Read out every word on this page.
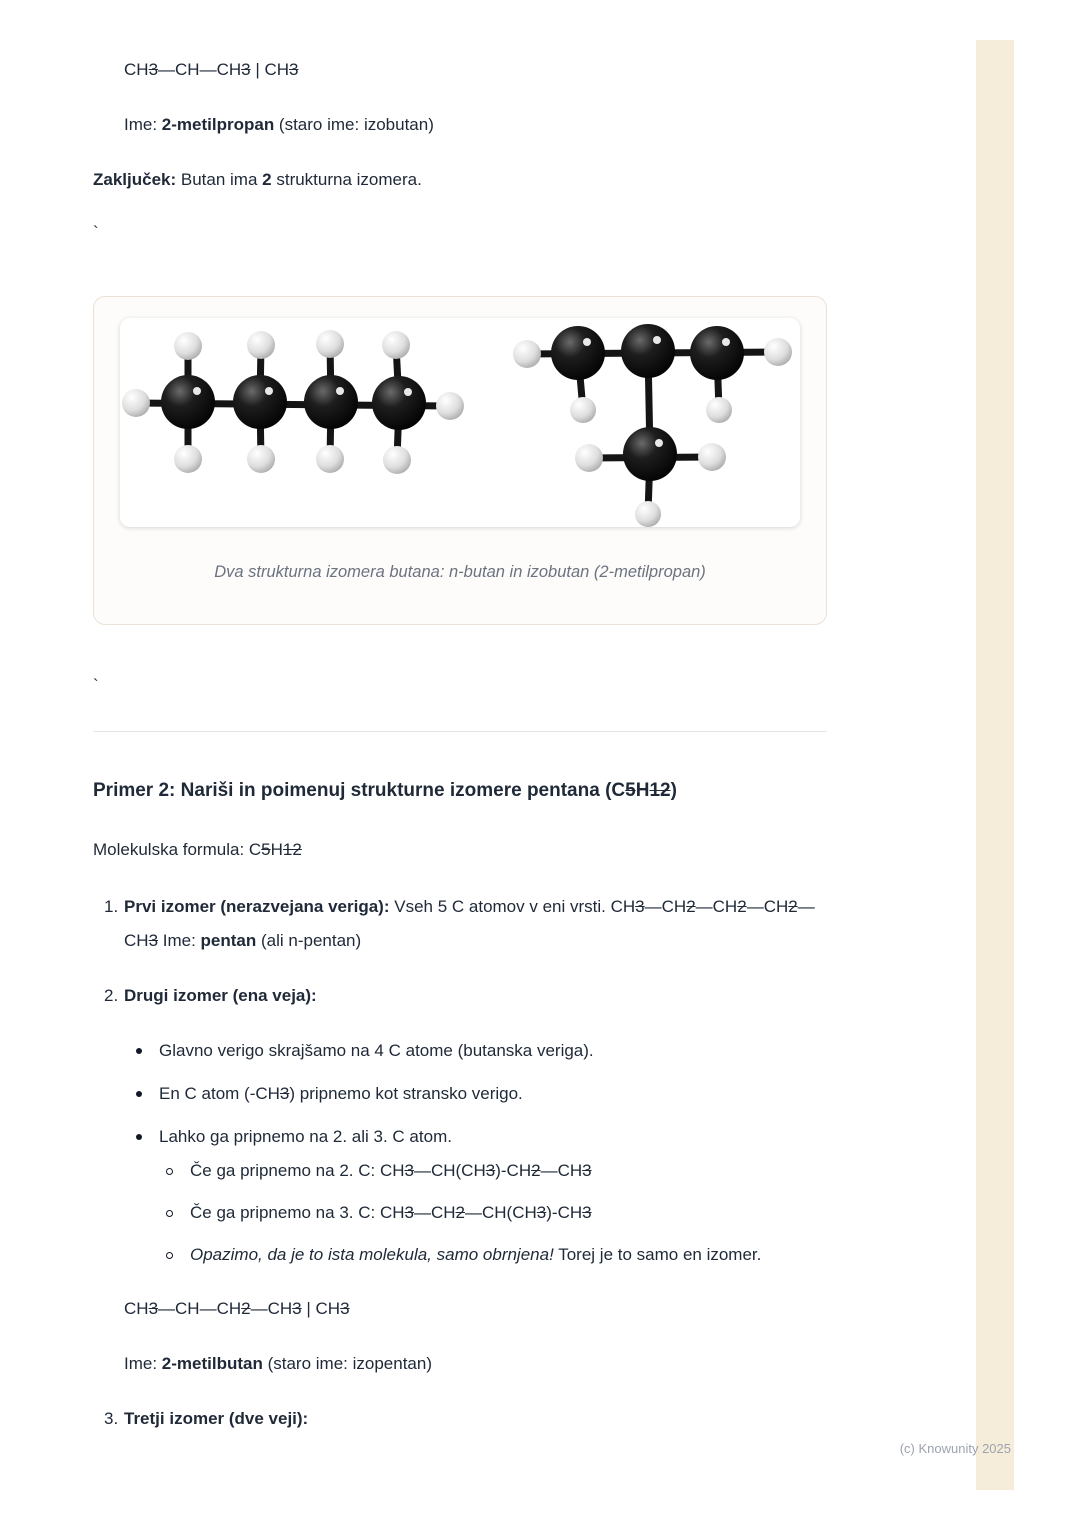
CH3—CH—CH3 | CH3

Ime: 2-metilpropan (staro ime: izobutan)

Zaključek: Butan ima 2 strukturna izomera.

`

Dva strukturna izomera butana: n-butan in izobutan (2-metilpropan)

`

Primer 2: Nariši in poimenuj strukturne izomere pentana (C5H12)

Molekulska formula: C5H12

1. Prvi izomer (nerazvejana veriga): Vseh 5 C atomov v eni vrsti. CH3—CH2—CH2—CH2—CH3 Ime: pentan (ali n-pentan)

2. Drugi izomer (ena veja):

Glavno verigo skrajšamo na 4 C atome (butanska veriga).

En C atom (-CH3) pripnemo kot stransko verigo.

Lahko ga pripnemo na 2. ali 3. C atom.

Če ga pripnemo na 2. C: CH3—CH(CH3)-CH2—CH3

Če ga pripnemo na 3. C: CH3—CH2—CH(CH3)-CH3

Opazimo, da je to ista molekula, samo obrnjena! Torej je to samo en izomer.

CH3—CH—CH2—CH3 | CH3

Ime: 2-metilbutan (staro ime: izopentan)

3. Tretji izomer (dve veji):

(c) Knowunity 2025
